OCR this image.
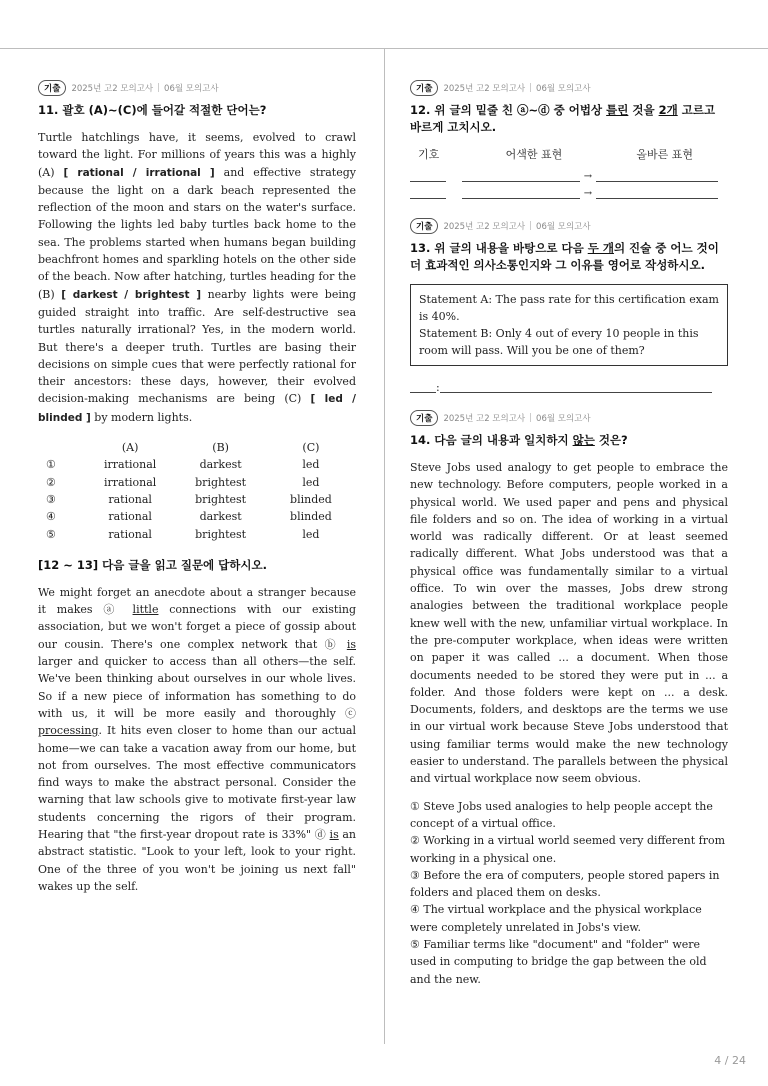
기출	2025년 고2 모의고사 | 06월 모의고사
11. 괄호 (A)~(C)에 들어갈 적절한 단어는?

Turtle hatchlings have, it seems, evolved to crawl toward the light. For millions of years this was a highly (A) [ rational / irrational ] and effective strategy because the light on a dark beach represented the reflection of the moon and stars on the water's surface. Following the lights led baby turtles back home to the sea. The problems started when humans began building beachfront homes and sparkling hotels on the other side of the beach. Now after hatching, turtles heading for the (B) [ darkest / brightest ] nearby lights were being guided straight into traffic. Are self-destructive sea turtles naturally irrational? Yes, in the modern world. But there's a deeper truth. Turtles are basing their decisions on simple cues that were perfectly rational for their ancestors: these days, however, their evolved decision-making mechanisms are being (C) [ led / blinded ] by modern lights.

	(A)	(B)	(C)
①	irrational	darkest	led
②	irrational	brightest	led
③	rational	brightest	blinded
④	rational	darkest	blinded
⑤	rational	brightest	led
[12 ~ 13] 다음 글을 읽고 질문에 답하시오.

We might forget an anecdote about a stranger because it makes ⓐ little connections with our existing association, but we won't forget a piece of gossip about our cousin. There's one complex network that ⓑ is larger and quicker to access than all others—the self. We've been thinking about ourselves in our whole lives. So if a new piece of information has something to do with us, it will be more easily and thoroughly ⓒ processing. It hits even closer to home than our actual home—we can take a vacation away from our home, but not from ourselves. The most effective communicators find ways to make the abstract personal. Consider the warning that law schools give to motivate first-year law students concerning the rigors of their program. Hearing that "the first-year dropout rate is 33%" ⓓ is an abstract statistic. "Look to your left, look to your right. One of the three of you won't be joining us next fall" wakes up the self.

기출	2025년 고2 모의고사 | 06월 모의고사
12. 위 글의 밑줄 친 ⓐ~ⓓ 중 어법상 틀린 것을 2개 고르고 바르게 고치시오.
기호	어색한 표현	올바른 표현
→
→
기출	2025년 고2 모의고사 | 06월 모의고사
13. 위 글의 내용을 바탕으로 다음 두 개의 진술 중 어느 것이 더 효과적인 의사소통인지와 그 이유를 영어로 작성하시오.
Statement A: The pass rate for this certification exam is 40%.
Statement B: Only 4 out of every 10 people in this room will pass. Will you be one of them?
:
기출	2025년 고2 모의고사 | 06월 모의고사
14. 다음 글의 내용과 일치하지 않는 것은?

Steve Jobs used analogy to get people to embrace the new technology. Before computers, people worked in a physical world. We used paper and pens and physical file folders and so on. The idea of working in a virtual world was radically different. Or at least seemed radically different. What Jobs understood was that a physical office was fundamentally similar to a virtual office. To win over the masses, Jobs drew strong analogies between the traditional workplace people knew well with the new, unfamiliar virtual workplace. In the pre-computer workplace, when ideas were written on paper it was called ... a document. When those documents needed to be stored they were put in ... a folder. And those folders were kept on ... a desk. Documents, folders, and desktops are the terms we use in our virtual work because Steve Jobs understood that using familiar terms would make the new technology easier to understand. The parallels between the physical and virtual workplace now seem obvious.

① Steve Jobs used analogies to help people accept the concept of a virtual office.
② Working in a virtual world seemed very different from working in a physical one.
③ Before the era of computers, people stored papers in folders and placed them on desks.
④ The virtual workplace and the physical workplace were completely unrelated in Jobs's view.
⑤ Familiar terms like "document" and "folder" were used in computing to bridge the gap between the old and the new.
4 / 24
